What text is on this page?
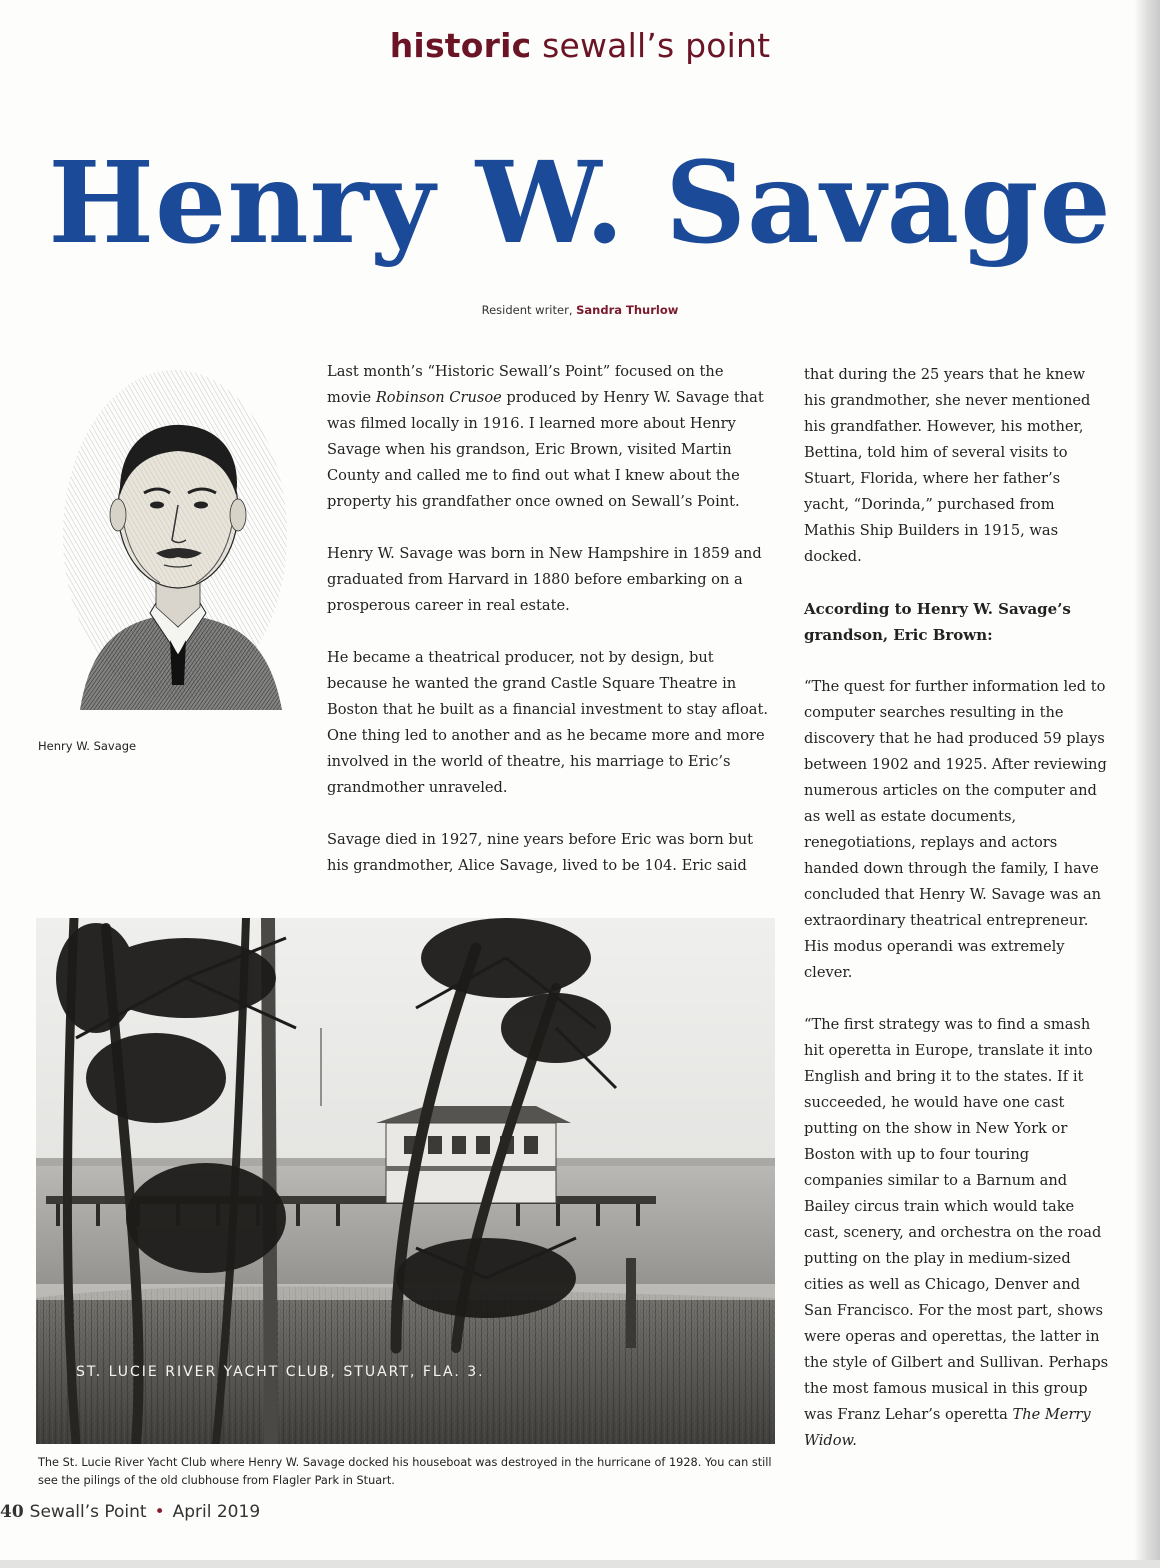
historic sewall’s point
Henry W. Savage
Resident writer, Sandra Thurlow
Henry W. Savage

Last month’s “Historic Sewall’s Point” focused on the movie Robinson Crusoe produced by Henry W. Savage that was filmed locally in 1916. I learned more about Henry Savage when his grandson, Eric Brown, visited Martin County and called me to find out what I knew about the property his grandfather once owned on Sewall’s Point.

Henry W. Savage was born in New Hampshire in 1859 and graduated from Harvard in 1880 before embarking on a prosperous career in real estate.

He became a theatrical producer, not by design, but because he wanted the grand Castle Square Theatre in Boston that he built as a financial investment to stay afloat. One thing led to another and as he became more and more involved in the world of theatre, his marriage to Eric’s grandmother unraveled.

Savage died in 1927, nine years before Eric was born but his grandmother, Alice Savage, lived to be 104. Eric said

that during the 25 years that he knew his grandmother, she never mentioned his grandfather. However, his mother, Bettina, told him of several visits to Stuart, Florida, where her father’s yacht, “Dorinda,” purchased from Mathis Ship Builders in 1915, was docked.

According to Henry W. Savage’s grandson, Eric Brown:

“The quest for further information led to computer searches resulting in the discovery that he had produced 59 plays between 1902 and 1925. After reviewing numerous articles on the computer and as well as estate documents, renegotiations, replays and actors handed down through the family, I have concluded that Henry W. Savage was an extraordinary theatrical entrepreneur. His modus operandi was extremely clever.

“The first strategy was to find a smash hit operetta in Europe, translate it into English and bring it to the states. If it succeeded, he would have one cast putting on the show in New York or Boston with up to four touring companies similar to a Barnum and Bailey circus train which would take cast, scenery, and orchestra on the road putting on the play in medium-sized cities as well as Chicago, Denver and San Francisco. For the most part, shows were operas and operettas, the latter in the style of Gilbert and Sullivan. Perhaps the most famous musical in this group was Franz Lehar’s operetta The Merry Widow.

ST. LUCIE RIVER YACHT CLUB, STUART, FLA. 3.
The St. Lucie River Yacht Club where Henry W. Savage docked his houseboat was destroyed in the hurricane of 1928. You can still see the pilings of the old clubhouse from Flagler Park in Stuart.
40 Sewall’s Point • April 2019
